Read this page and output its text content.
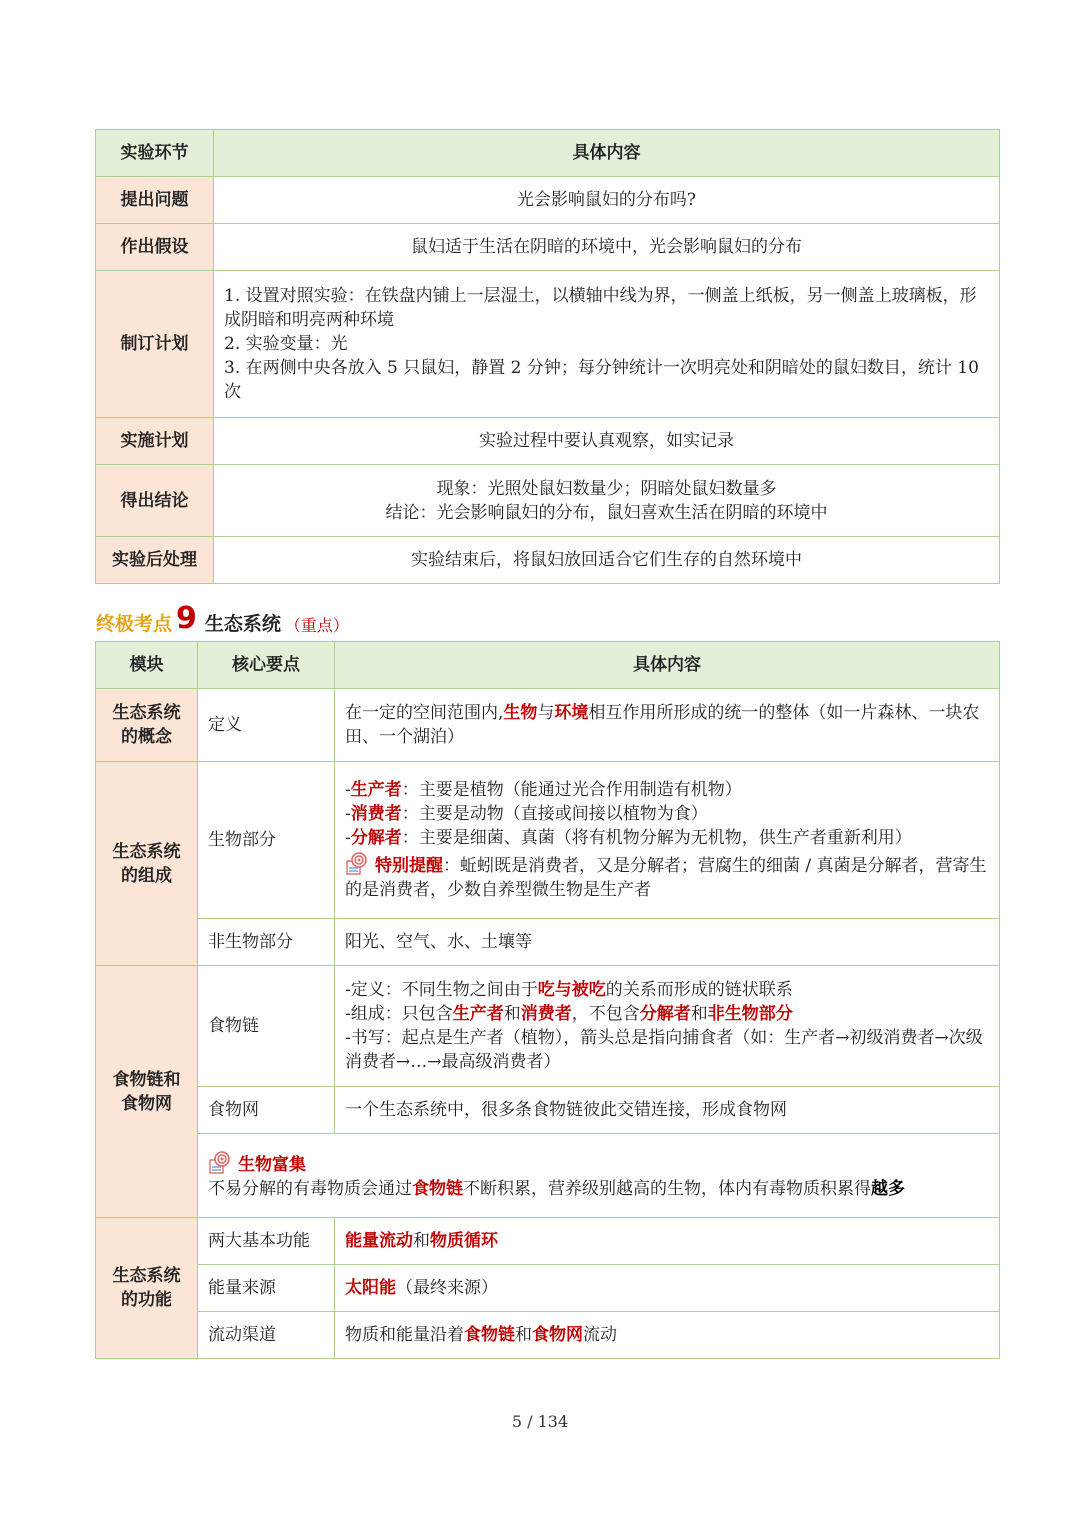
实验环节	具体内容
提出问题	光会影响鼠妇的分布吗?
作出假设	鼠妇适于生活在阴暗的环境中，光会影响鼠妇的分布
制订计划	1. 设置对照实验：在铁盘内铺上一层湿土，以横轴中线为界，一侧盖上纸板，另一侧盖上玻璃板，形成阴暗和明亮两种环境

2. 实验变量：光

3. 在两侧中央各放入 5 只鼠妇，静置 2 分钟；每分钟统计一次明亮处和阴暗处的鼠妇数目，统计 10 次

实施计划	实验过程中要认真观察，如实记录
得出结论	现象：光照处鼠妇数量少；阴暗处鼠妇数量多

结论：光会影响鼠妇的分布，鼠妇喜欢生活在阴暗的环境中

实验后处理	实验结束后，将鼠妇放回适合它们生存的自然环境中
终极考点 9 生态系统 （重点）
模块	核心要点	具体内容
生态系统的概念	定义	在一定的空间范围内,生物与环境相互作用所形成的统一的整体（如一片森林、一块农田、一个湖泊）
生态系统的组成	生物部分	-生产者：主要是植物（能通过光合作用制造有机物）

-消费者：主要是动物（直接或间接以植物为食）

-分解者：主要是细菌、真菌（将有机物分解为无机物，供生产者重新利用）

特别提醒：蚯蚓既是消费者，又是分解者；营腐生的细菌 / 真菌是分解者，营寄生的是消费者，少数自养型微生物是生产者

	非生物部分	阳光、空气、水、土壤等
食物链和食物网	食物链	-定义：不同生物之间由于吃与被吃的关系而形成的链状联系

-组成：只包含生产者和消费者，不包含分解者和非生物部分

-书写：起点是生产者（植物），箭头总是指向捕食者（如：生产者→初级消费者→次级消费者→…→最高级消费者）

	食物网	一个生态系统中，很多条食物链彼此交错连接，形成食物网

	生物富集

不易分解的有毒物质会通过食物链不断积累，营养级别越高的生物，体内有毒物质积累得越多	

生态系统的功能	两大基本功能	能量流动和物质循环
	能量来源	太阳能（最终来源）
	流动渠道	物质和能量沿着食物链和食物网流动
5 / 134
